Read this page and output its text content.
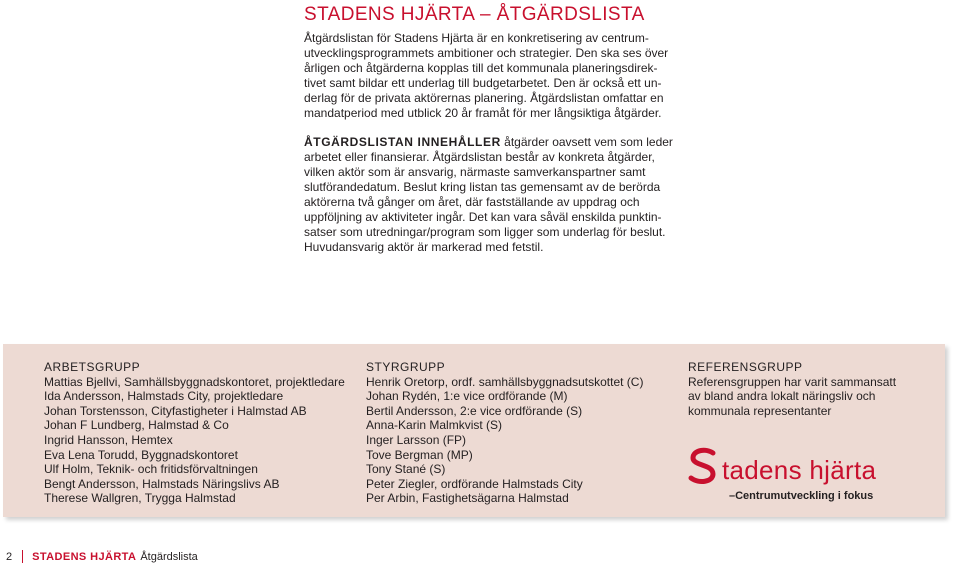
STADENS HJÄRTA – ÅTGÄRDSLISTA

Åtgärdslistan för Stadens Hjärta är en konkretisering av centrum-
utvecklingsprogrammets ambitioner och strategier. Den ska ses över
årligen och åtgärderna kopplas till det kommunala planeringsdirek-
tivet samt bildar ett underlag till budgetarbetet. Den är också ett un-
derlag för de privata aktörernas planering. Åtgärdslistan omfattar en
mandatperiod med utblick 20 år framåt för mer långsiktiga åtgärder.

ÅTGÄRDSLISTAN INNEHÅLLER åtgärder oavsett vem som leder
arbetet eller finansierar. Åtgärdslistan består av konkreta åtgärder,
vilken aktör som är ansvarig, närmaste samverkanspartner samt
slutförandedatum. Beslut kring listan tas gemensamt av de berörda
aktörerna två gånger om året, där fastställande av uppdrag och
uppföljning av aktiviteter ingår. Det kan vara såväl enskilda punktin-
satser som utredningar/program som ligger som underlag för beslut.
Huvudansvarig aktör är markerad med fetstil.

ARBETSGRUPP
Mattias Bjellvi, Samhällsbyggnadskontoret, projektledare
Ida Andersson, Halmstads City, projektledare
Johan Torstensson, Cityfastigheter i Halmstad AB
Johan F Lundberg, Halmstad & Co
Ingrid Hansson, Hemtex
Eva Lena Torudd, Byggnadskontoret
Ulf Holm, Teknik- och fritidsförvaltningen
Bengt Andersson, Halmstads Näringslivs AB
Therese Wallgren, Trygga Halmstad
STYRGRUPP
Henrik Oretorp, ordf. samhällsbyggnadsutskottet (C)
Johan Rydén, 1:e vice ordförande (M)
Bertil Andersson, 2:e vice ordförande (S)
Anna-Karin Malmkvist (S)
Inger Larsson (FP)
Tove Bergman (MP)
Tony Stané (S)
Peter Ziegler, ordförande Halmstads City
Per Arbin, Fastighetsägarna Halmstad
REFERENSGRUPP
Referensgruppen har varit sammansatt
av bland andra lokalt näringsliv och
kommunala representanter
tadens hjärta
–Centrumutveckling i fokus
2 STADENS HJÄRTA Åtgärdslista
